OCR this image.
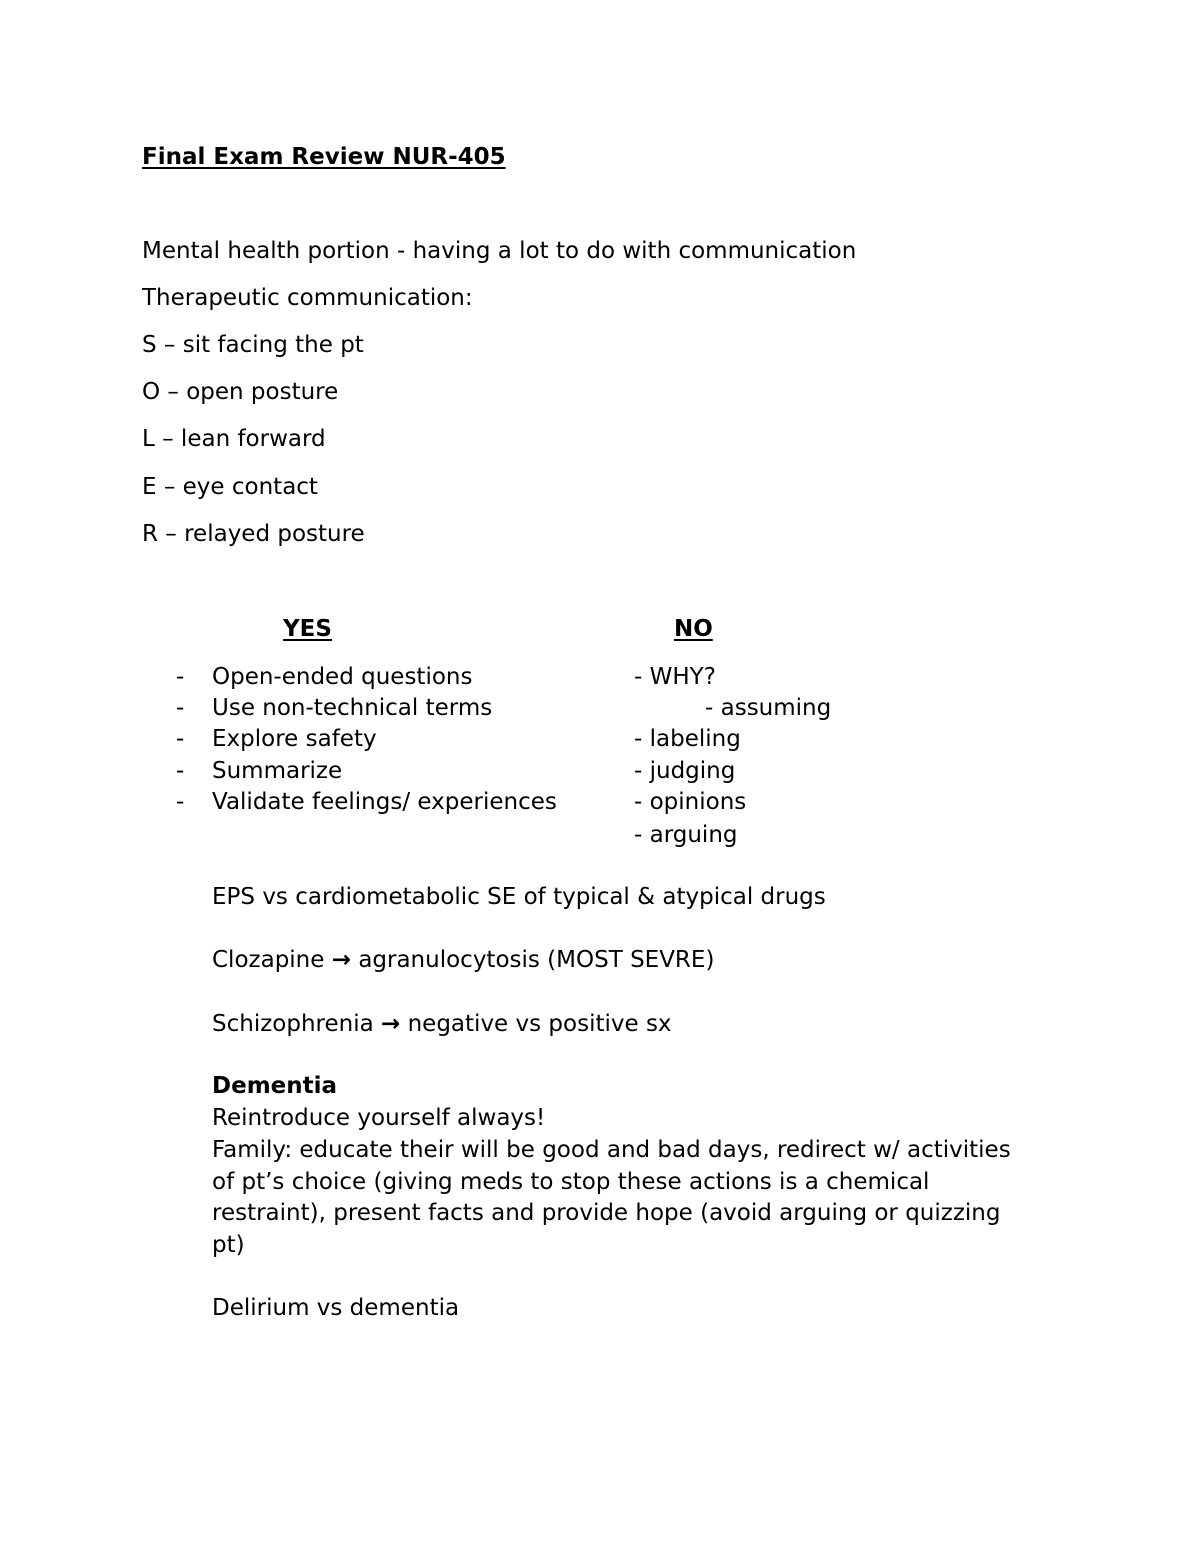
Final Exam Review NUR-405
Mental health portion - having a lot to do with communication
Therapeutic communication:
S – sit facing the pt
O – open posture
L – lean forward
E – eye contact
R – relayed posture
YES	NO
- Open-ended questions
- Use non-technical terms
- Explore safety
- Summarize
- Validate feelings/ experiences
- WHY?
- assuming
- labeling
- judging
- opinions
- arguing
EPS vs cardiometabolic SE of typical & atypical drugs
Clozapine → agranulocytosis (MOST SEVRE)
Schizophrenia → negative vs positive sx
Dementia
Reintroduce yourself always!
Family: educate their will be good and bad days, redirect w/ activities
of pt’s choice (giving meds to stop these actions is a chemical
restraint), present facts and provide hope (avoid arguing or quizzing
pt)
Delirium vs dementia
